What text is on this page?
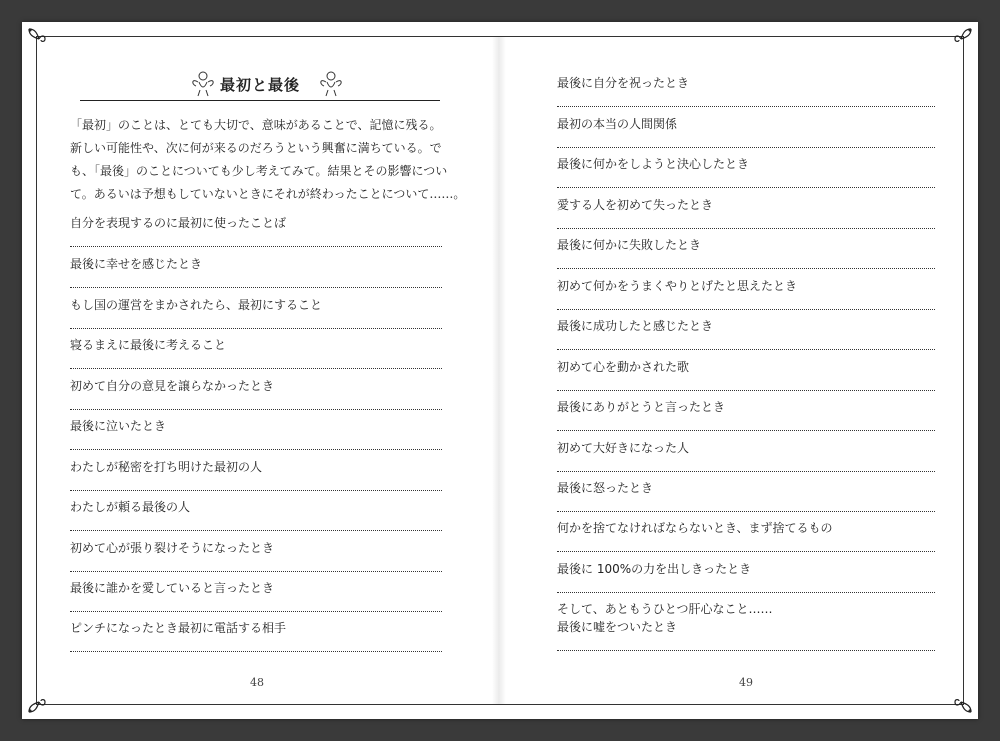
最初と最後

「最初」のことは、とても大切で、意味があることで、記憶に残る。

新しい可能性や、次に何が来るのだろうという興奮に満ちている。で

も、「最後」のことについても少し考えてみて。結果とその影響につい

て。あるいは予想もしていないときにそれが終わったことについて……。

自分を表現するのに最初に使ったことば
最後に幸せを感じたとき
もし国の運営をまかされたら、最初にすること
寝るまえに最後に考えること
初めて自分の意見を譲らなかったとき
最後に泣いたとき
わたしが秘密を打ち明けた最初の人
わたしが頼る最後の人
初めて心が張り裂けそうになったとき
最後に誰かを愛していると言ったとき
ピンチになったとき最初に電話する相手
最後に自分を祝ったとき
最初の本当の人間関係
最後に何かをしようと決心したとき
愛する人を初めて失ったとき
最後に何かに失敗したとき
初めて何かをうまくやりとげたと思えたとき
最後に成功したと感じたとき
初めて心を動かされた歌
最後にありがとうと言ったとき
初めて大好きになった人
最後に怒ったとき
何かを捨てなければならないとき、まず捨てるもの
最後に 100%の力を出しきったとき
そして、あともうひとつ肝心なこと……
最後に嘘をついたとき
48	49
